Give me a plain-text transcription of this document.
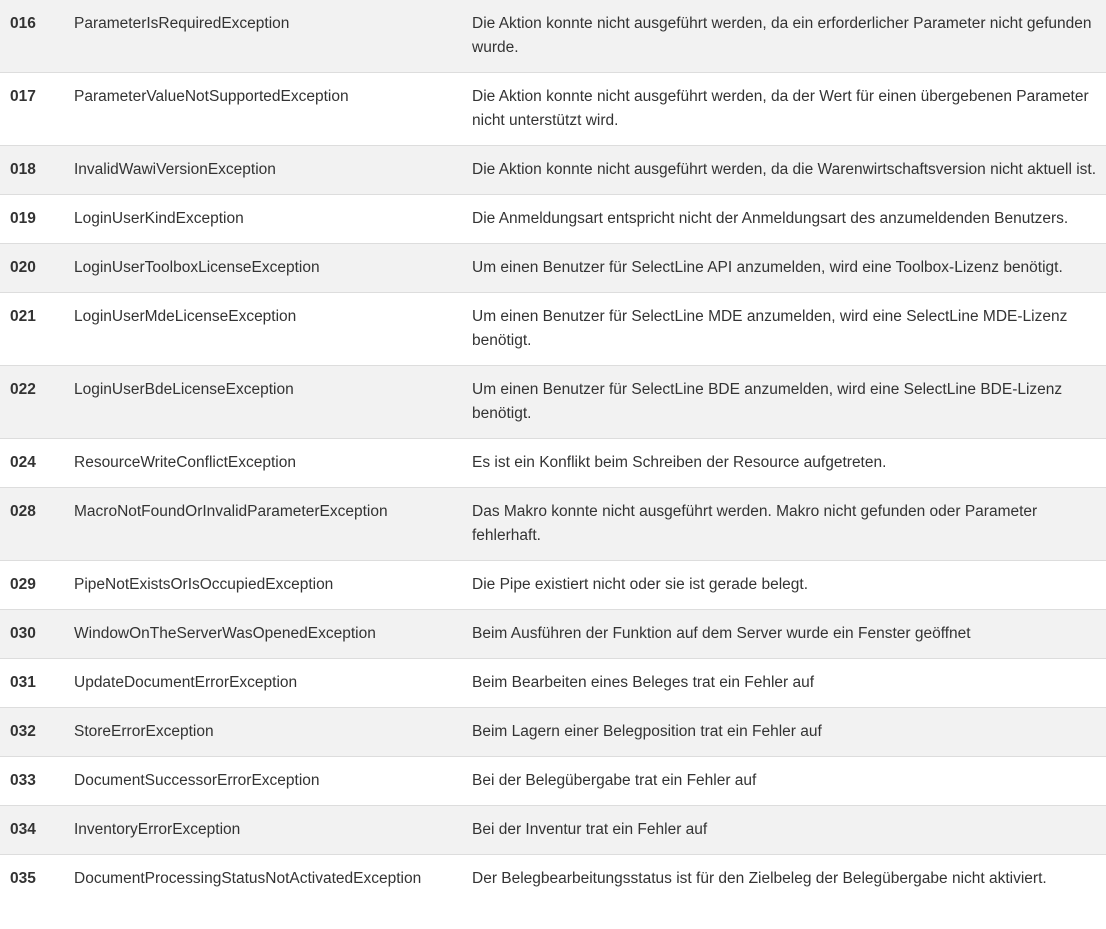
016	ParameterIsRequiredException	Die Aktion konnte nicht ausgeführt werden, da ein erforderlicher Parameter nicht gefunden wurde.
017	ParameterValueNotSupportedException	Die Aktion konnte nicht ausgeführt werden, da der Wert für einen übergebenen Parameter nicht unterstützt wird.
018	InvalidWawiVersionException	Die Aktion konnte nicht ausgeführt werden, da die Warenwirtschaftsversion nicht aktuell ist.
019	LoginUserKindException	Die Anmeldungsart entspricht nicht der Anmeldungsart des anzumeldenden Benutzers.
020	LoginUserToolboxLicenseException	Um einen Benutzer für SelectLine API anzumelden, wird eine Toolbox-Lizenz benötigt.
021	LoginUserMdeLicenseException	Um einen Benutzer für SelectLine MDE anzumelden, wird eine SelectLine MDE-Lizenz benötigt.
022	LoginUserBdeLicenseException	Um einen Benutzer für SelectLine BDE anzumelden, wird eine SelectLine BDE-Lizenz benötigt.
024	ResourceWriteConflictException	Es ist ein Konflikt beim Schreiben der Resource aufgetreten.
028	MacroNotFoundOrInvalidParameterException	Das Makro konnte nicht ausgeführt werden. Makro nicht gefunden oder Parameter fehlerhaft.
029	PipeNotExistsOrIsOccupiedException	Die Pipe existiert nicht oder sie ist gerade belegt.
030	WindowOnTheServerWasOpenedException	Beim Ausführen der Funktion auf dem Server wurde ein Fenster geöffnet
031	UpdateDocumentErrorException	Beim Bearbeiten eines Beleges trat ein Fehler auf
032	StoreErrorException	Beim Lagern einer Belegposition trat ein Fehler auf
033	DocumentSuccessorErrorException	Bei der Belegübergabe trat ein Fehler auf
034	InventoryErrorException	Bei der Inventur trat ein Fehler auf
035	DocumentProcessingStatusNotActivatedException	Der Belegbearbeitungsstatus ist für den Zielbeleg der Belegübergabe nicht aktiviert.
